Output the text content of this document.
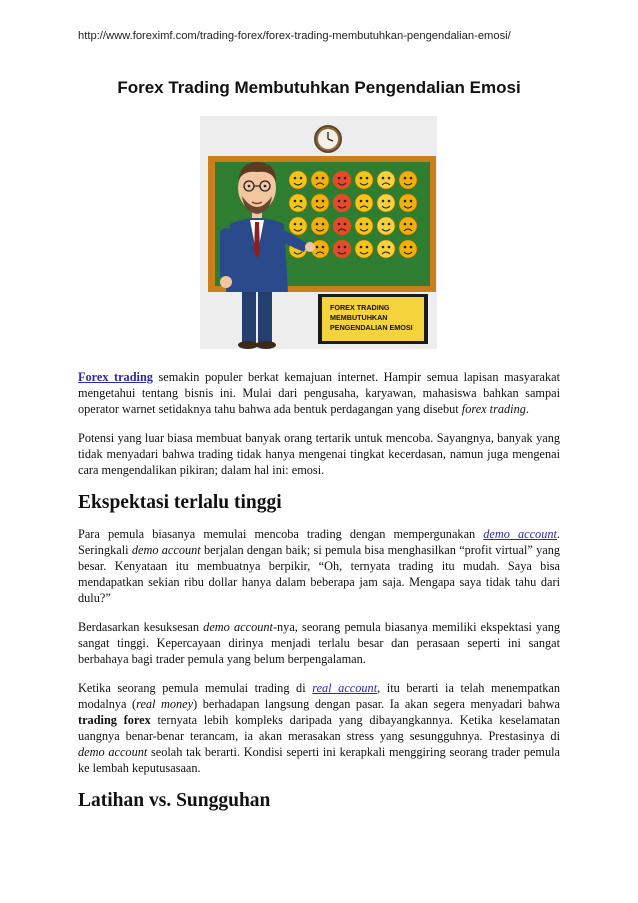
http://www.foreximf.com/trading-forex/forex-trading-membutuhkan-pengendalian-emosi/
Forex Trading Membutuhkan Pengendalian Emosi
FOREX TRADING
MEMBUTUHKAN
PENGENDALIAN EMOSI

Forex trading semakin populer berkat kemajuan internet. Hampir semua lapisan masyarakat mengetahui tentang bisnis ini. Mulai dari pengusaha, karyawan, mahasiswa bahkan sampai operator warnet setidaknya tahu bahwa ada bentuk perdagangan yang disebut forex trading.

Potensi yang luar biasa membuat banyak orang tertarik untuk mencoba. Sayangnya, banyak yang tidak menyadari bahwa trading tidak hanya mengenai tingkat kecerdasan, namun juga mengenai cara mengendalikan pikiran; dalam hal ini: emosi.

Ekspektasi terlalu tinggi

Para pemula biasanya memulai mencoba trading dengan mempergunakan demo account. Seringkali demo account berjalan dengan baik; si pemula bisa menghasilkan “profit virtual” yang besar. Kenyataan itu membuatnya berpikir, “Oh, ternyata trading itu mudah. Saya bisa mendapatkan sekian ribu dollar hanya dalam beberapa jam saja. Mengapa saya tidak tahu dari dulu?”

Berdasarkan kesuksesan demo account-nya, seorang pemula biasanya memiliki ekspektasi yang sangat tinggi. Kepercayaan dirinya menjadi terlalu besar dan perasaan seperti ini sangat berbahaya bagi trader pemula yang belum berpengalaman.

Ketika seorang pemula memulai trading di real account, itu berarti ia telah menempatkan modalnya (real money) berhadapan langsung dengan pasar. Ia akan segera menyadari bahwa trading forex ternyata lebih kompleks daripada yang dibayangkannya. Ketika keselamatan uangnya benar-benar terancam, ia akan merasakan stress yang sesungguhnya. Prestasinya di demo account seolah tak berarti. Kondisi seperti ini kerapkali menggiring seorang trader pemula ke lembah keputusasaan.

Latihan vs. Sungguhan
